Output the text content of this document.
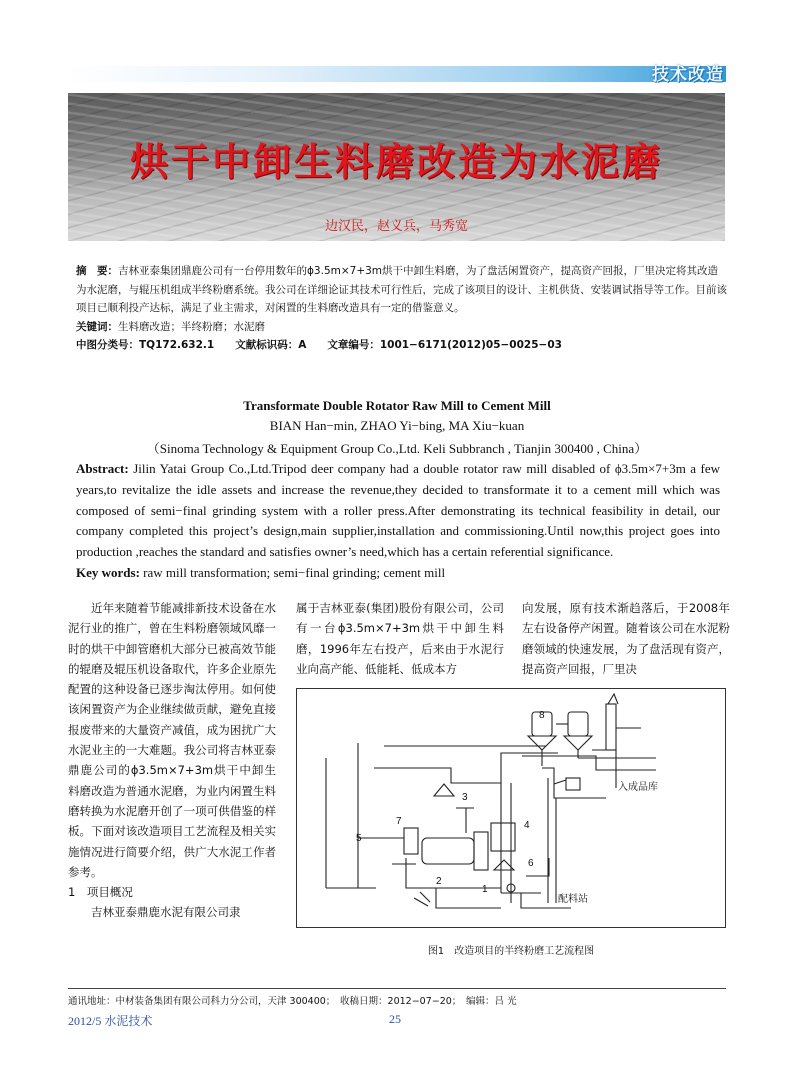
技术改造
烘干中卸生料磨改造为水泥磨
边汉民，赵义兵，马秀宽

摘　要：吉林亚泰集团鼎鹿公司有一台停用数年的ϕ3.5m×7+3m烘干中卸生料磨，为了盘活闲置资产，提高资产回报，厂里决定将其改造为水泥磨，与辊压机组成半终粉磨系统。我公司在详细论证其技术可行性后，完成了该项目的设计、主机供货、安装调试指导等工作。目前该项目已顺利投产达标，满足了业主需求，对闲置的生料磨改造具有一定的借鉴意义。

关键词：生料磨改造；半终粉磨；水泥磨

中图分类号：TQ172.632.1　　文献标识码：A　　文章编号：1001−6171(2012)05−0025−03

Transformate Double Rotator Raw Mill to Cement Mill
BIAN Han−min, ZHAO Yi−bing, MA Xiu−kuan
（Sinoma Technology & Equipment Group Co.,Ltd. Keli Subbranch , Tianjin 300400 , China）
Abstract: Jilin Yatai Group Co.,Ltd.Tripod deer company had a double rotator raw mill disabled of ϕ3.5m×7+3m a few years,to revitalize the idle assets and increase the revenue,they decided to transformate it to a cement mill which was composed of semi−final grinding system with a roller press.After demonstrating its technical feasibility in detail, our company completed this project’s design,main supplier,installation and commissioning.Until now,this project goes into production ,reaches the standard and satisfies owner’s need,which has a certain referential significance.
Key words: raw mill transformation; semi−final grinding; cement mill

近年来随着节能减排新技术设备在水泥行业的推广，曾在生料粉磨领域风靡一时的烘干中卸管磨机大部分已被高效节能的辊磨及辊压机设备取代，许多企业原先配置的这种设备已逐步淘汰停用。如何使该闲置资产为企业继续做贡献，避免直接报废带来的大量资产减值，成为困扰广大水泥业主的一大难题。我公司将吉林亚泰鼎鹿公司的ϕ3.5m×7+3m烘干中卸生料磨改造为普通水泥磨，为业内闲置生料磨转换为水泥磨开创了一项可供借鉴的样板。下面对该改造项目工艺流程及相关实施情况进行简要介绍，供广大水泥工作者参考。

1　项目概况

吉林亚泰鼎鹿水泥有限公司隶

属于吉林亚泰(集团)股份有限公司，公司有一台ϕ3.5m×7+3m烘干中卸生料磨，1996年左右投产，后来由于水泥行业向高产能、低能耗、低成本方

向发展，原有技术渐趋落后，于2008年左右设备停产闲置。随着该公司在水泥粉磨领域的快速发展，为了盘活现有资产，提高资产回报，厂里决

8
3
4
5
7
6
2
1
入成品库
配料站
图1　改造项目的半终粉磨工艺流程图
通讯地址：中材装备集团有限公司科力分公司，天津 300400；　收稿日期：2012−07−20；　编辑：吕 光
2012/5 水泥技术	25
